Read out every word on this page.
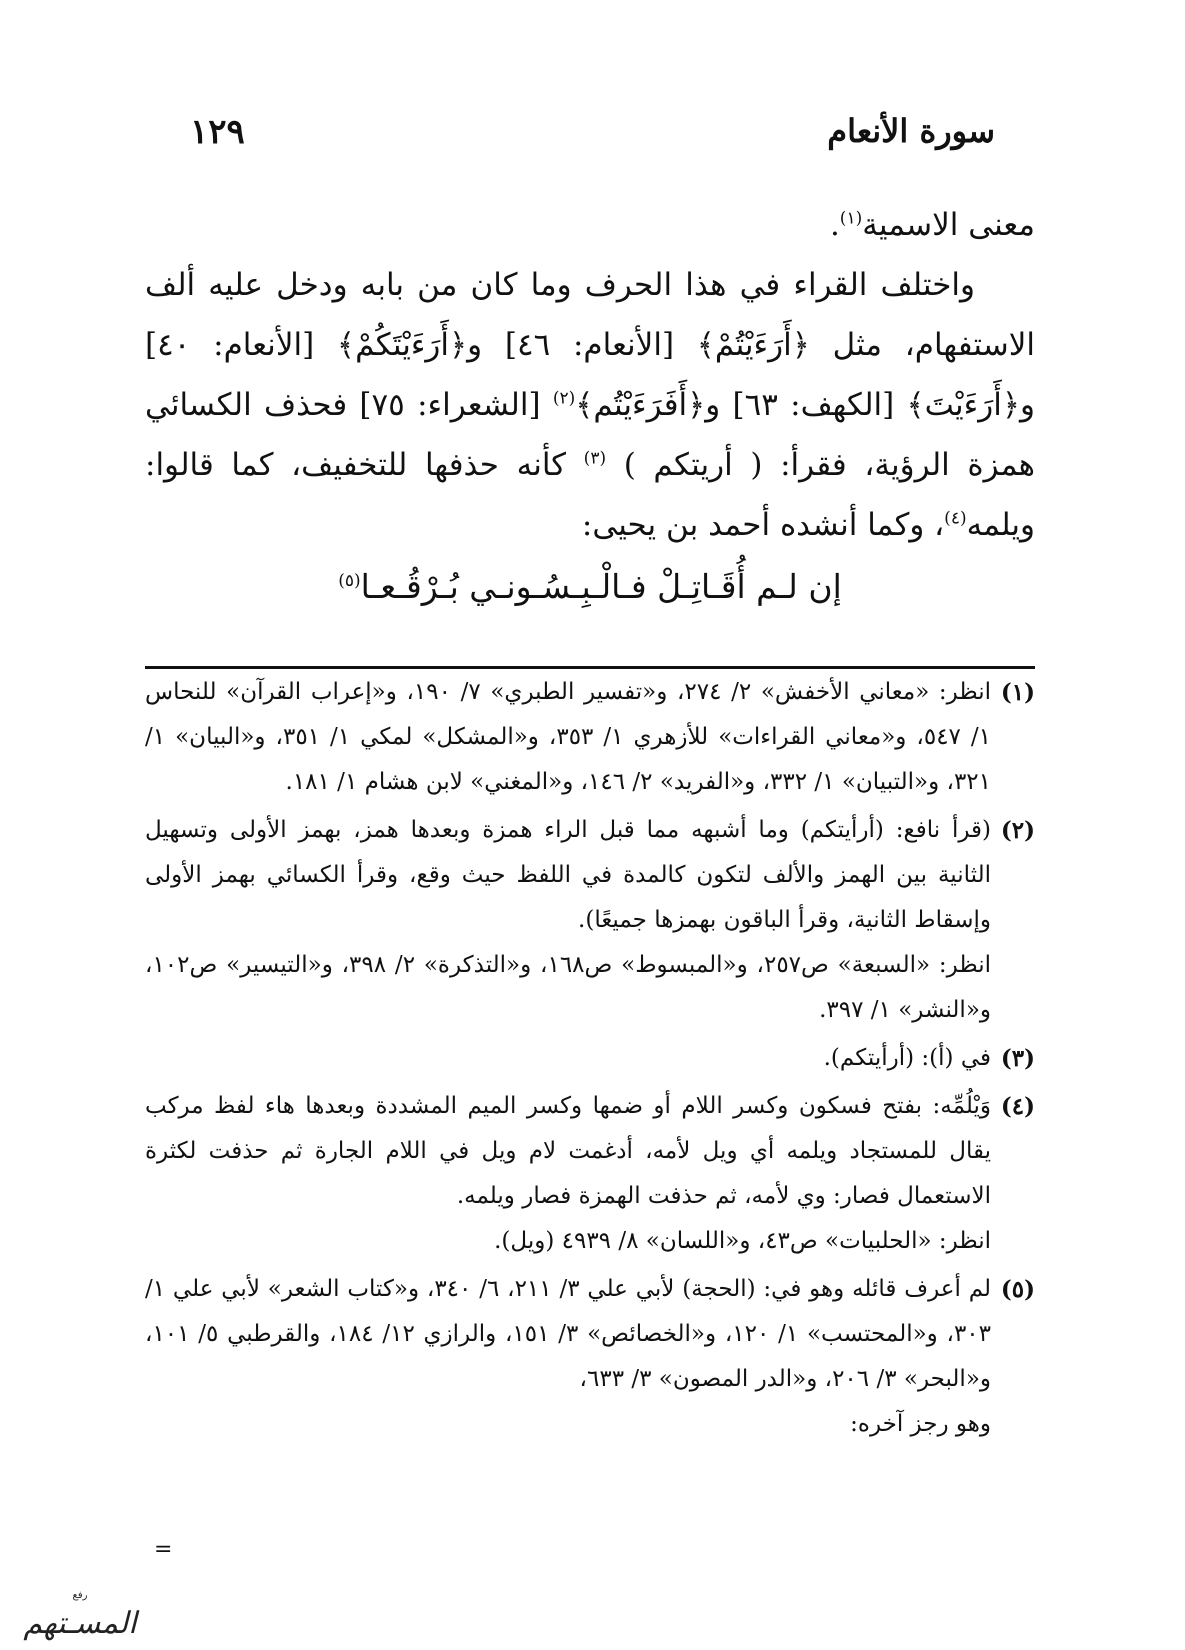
سورة الأنعام
١٢٩

معنى الاسمية$^{(١)}$.

واختلف القراء في هذا الحرف وما كان من بابه ودخل عليه ألف الاستفهام، مثل ﴿أَرَءَيْتُمْ﴾ [الأنعام: ٤٦] و﴿أَرَءَيْتَكُمْ﴾ [الأنعام: ٤٠] و﴿أَرَءَيْتَ﴾ [الكهف: ٦٣] و﴿أَفَرَءَيْتُم﴾$^{(٢)}$ [الشعراء: ٧٥] فحذف الكسائي همزة الرؤية، فقرأ: ( أريتكم ) $^{(٣)}$ كأنه حذفها للتخفيف، كما قالوا: ويلمه$^{(٤)}$، وكما أنشده أحمد بن يحيى:

إن لـم أُقَـاتِـلْ فـالْـبِـسُـونـي بُـرْقُـعـا$^{(٥)}$

(١)
انظر: «معاني الأخفش» ٢/ ٢٧٤، و«تفسير الطبري» ٧/ ١٩٠، و«إعراب القرآن» للنحاس ١/ ٥٤٧، و«معاني القراءات» للأزهري ١/ ٣٥٣، و«المشكل» لمكي ١/ ٣٥١، و«البيان» ١/ ٣٢١، و«التبيان» ١/ ٣٣٢، و«الفريد» ٢/ ١٤٦، و«المغني» لابن هشام ١/ ١٨١.
(٢)
(قرأ نافع: (أرأيتكم) وما أشبهه مما قبل الراء همزة وبعدها همز، بهمز الأولى وتسهيل الثانية بين الهمز والألف لتكون كالمدة في اللفظ حيث وقع، وقرأ الكسائي بهمز الأولى وإسقاط الثانية، وقرأ الباقون بهمزها جميعًا).
انظر: «السبعة» ص٢٥٧، و«المبسوط» ص١٦٨، و«التذكرة» ٢/ ٣٩٨، و«التيسير» ص١٠٢، و«النشر» ١/ ٣٩٧.
(٣)
في (أ): (أرأيتكم).
(٤)
وَيْلُمِّه: بفتح فسكون وكسر اللام أو ضمها وكسر الميم المشددة وبعدها هاء لفظ مركب يقال للمستجاد ويلمه أي ويل لأمه، أدغمت لام ويل في اللام الجارة ثم حذفت لكثرة الاستعمال فصار: وي لأمه، ثم حذفت الهمزة فصار ويلمه.
انظر: «الحلبيات» ص٤٣، و«اللسان» ٨/ ٤٩٣٩ (ويل).
(٥)
لم أعرف قائله وهو في: (الحجة) لأبي علي ٣/ ٢١١، ٦/ ٣٤٠، و«كتاب الشعر» لأبي علي ١/ ٣٠٣، و«المحتسب» ١/ ١٢٠، و«الخصائص» ٣/ ١٥١، والرازي ١٢/ ١٨٤، والقرطبي ٥/ ١٠١، و«البحر» ٣/ ٢٠٦، و«الدر المصون» ٣/ ٦٣٣،
وهو رجز آخره:
=
رفع
المسـتهم
